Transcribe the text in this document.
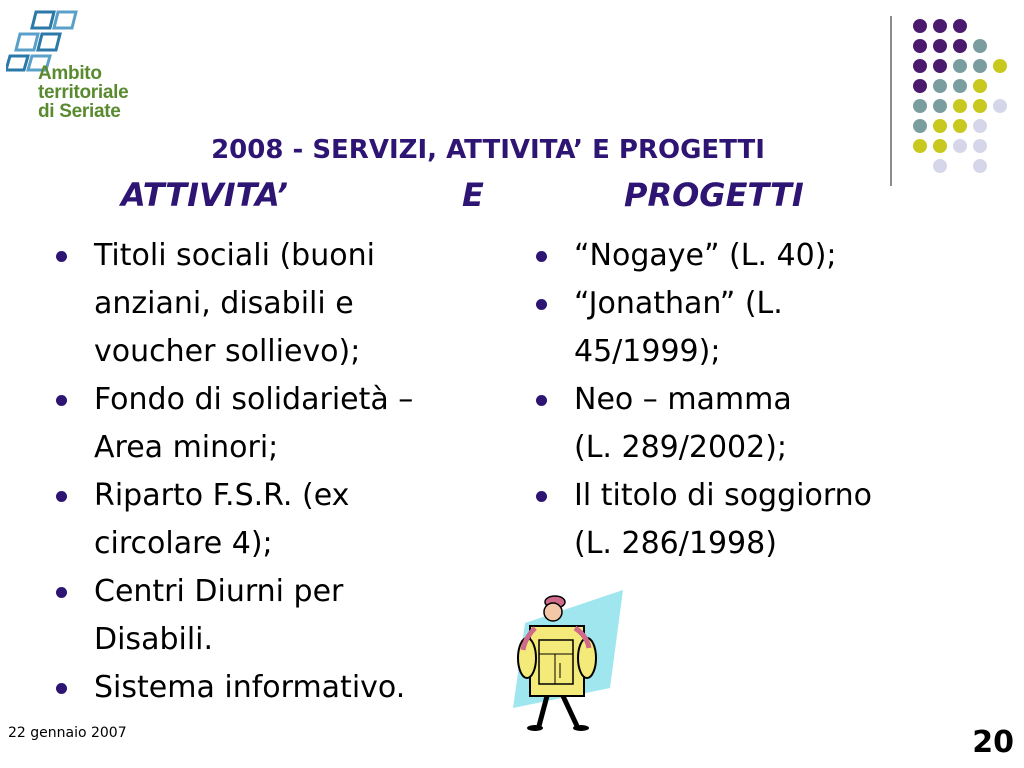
Ambito
territoriale
di Seriate
2008 - SERVIZI, ATTIVITA’ E PROGETTI
ATTIVITA’	E	PROGETTI
Titoli sociali (buoni
anziani, disabili e
voucher sollievo);
Fondo di solidarietà –
Area minori;
Riparto F.S.R. (ex
circolare 4);
Centri Diurni per
Disabili.
Sistema informativo.
“Nogaye” (L. 40);
“Jonathan” (L.
45/1999);
Neo – mamma
(L. 289/2002);
Il titolo di soggiorno
(L. 286/1998)
22 gennaio 2007	20
